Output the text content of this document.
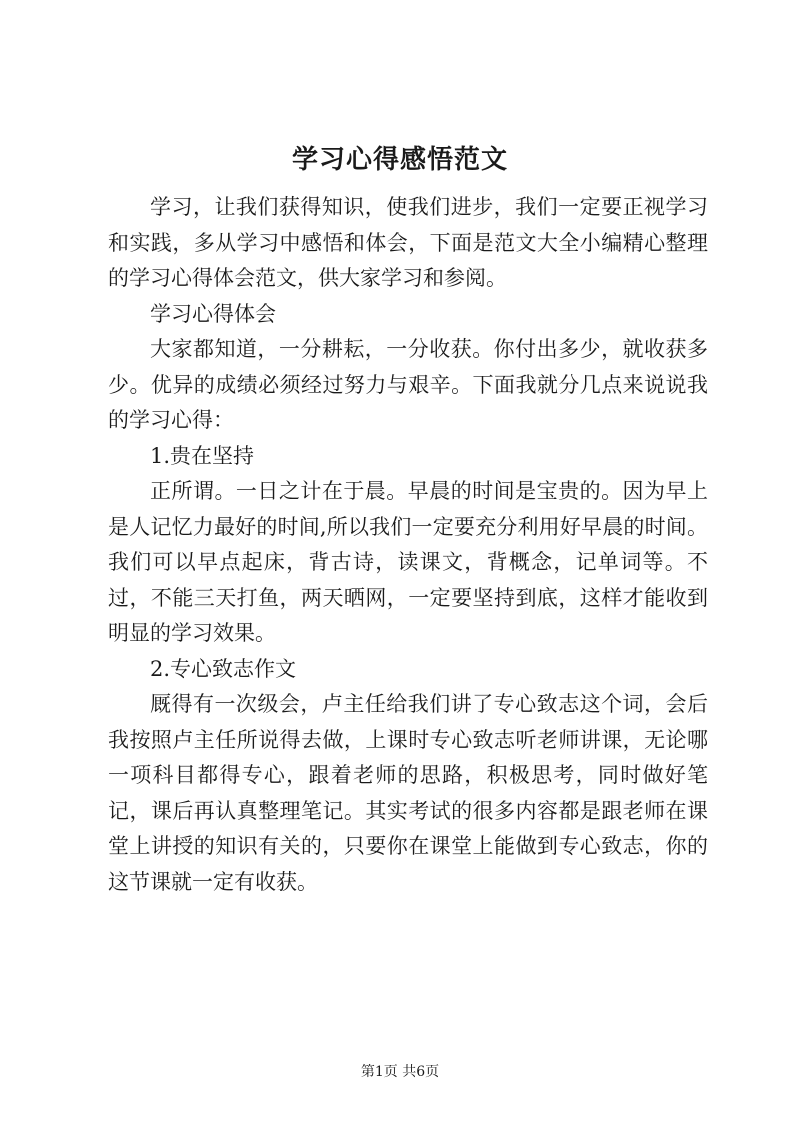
学习心得感悟范文

学习，让我们获得知识，使我们进步，我们一定要正视学习和实践，多从学习中感悟和体会，下面是范文大全小编精心整理的学习心得体会范文，供大家学习和参阅。

学习心得体会

大家都知道，一分耕耘，一分收获。你付出多少，就收获多少。优异的成绩必须经过努力与艰辛。下面我就分几点来说说我的学习心得：

1.贵在坚持

正所谓。一日之计在于晨。早晨的时间是宝贵的。因为早上是人记忆力最好的时间,所以我们一定要充分利用好早晨的时间。我们可以早点起床，背古诗，读课文，背概念，记单词等。不过，不能三天打鱼，两天晒网，一定要坚持到底，这样才能收到明显的学习效果。

2.专心致志作文

厩得有一次级会，卢主任给我们讲了专心致志这个词，会后我按照卢主任所说得去做，上课时专心致志听老师讲课，无论哪一项科目都得专心，跟着老师的思路，积极思考，同时做好笔记，课后再认真整理笔记。其实考试的很多内容都是跟老师在课堂上讲授的知识有关的，只要你在课堂上能做到专心致志，你的这节课就一定有收获。

第1页 共6页
